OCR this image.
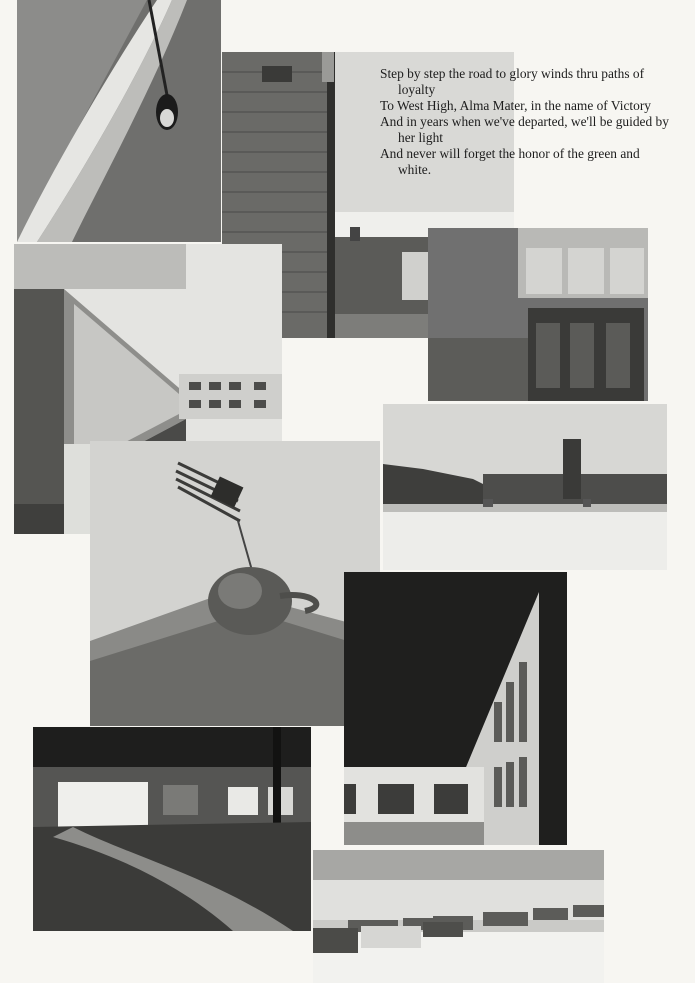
Step by step the road to glory winds thru paths of loyalty

To West High, Alma Mater, in the name of Victory

And in years when we've departed, we'll be guided by her light

And never will forget the honor of the green and white.
